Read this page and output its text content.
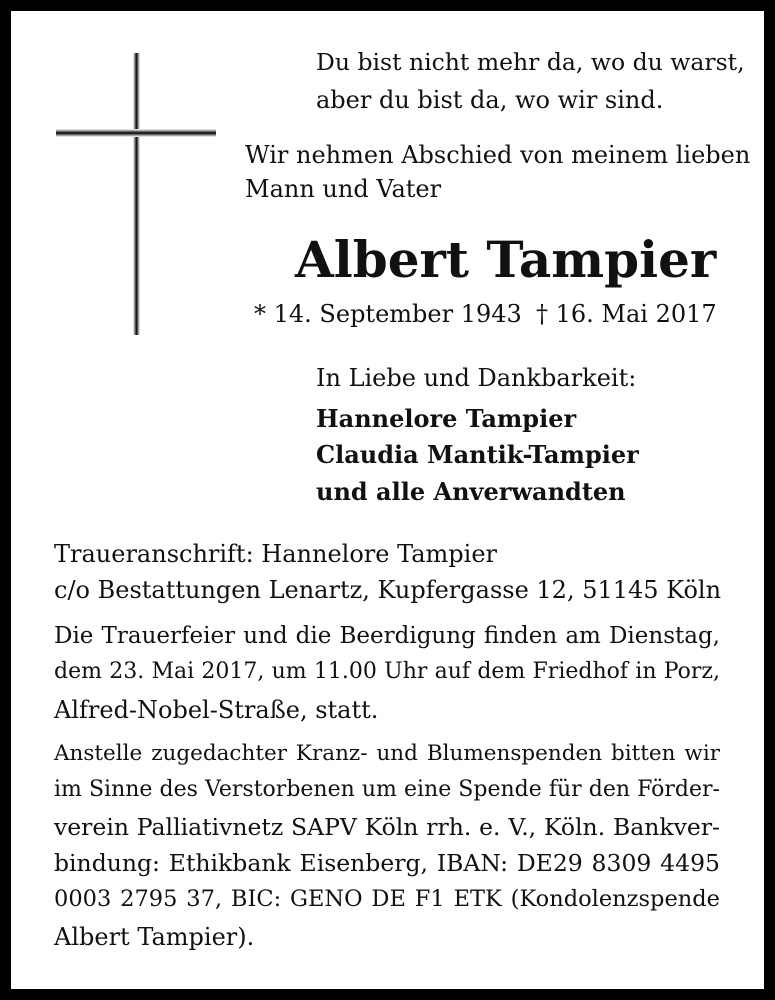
Du bist nicht mehr da, wo du warst,
aber du bist da, wo wir sind.
Wir nehmen Abschied von meinem lieben
Mann und Vater
Albert Tampier
* 14. September 1943 † 16. Mai 2017
In Liebe und Dankbarkeit:
Hannelore Tampier
Claudia Mantik-Tampier
und alle Anverwandten
Traueranschrift: Hannelore Tampier
c/o Bestattungen Lenartz, Kupfergasse 12, 51145 Köln
Die Trauerfeier und die Beerdigung finden am Dienstag,
dem 23. Mai 2017, um 11.00 Uhr auf dem Friedhof in Porz,
Alfred-Nobel-Straße, statt.
Anstelle zugedachter Kranz- und Blumenspenden bitten wir
im Sinne des Verstorbenen um eine Spende für den Förder-
verein Palliativnetz SAPV Köln rrh. e. V., Köln. Bankver-
bindung: Ethikbank Eisenberg, IBAN: DE29 8309 4495
0003 2795 37, BIC: GENO DE F1 ETK (Kondolenzspende
Albert Tampier).
